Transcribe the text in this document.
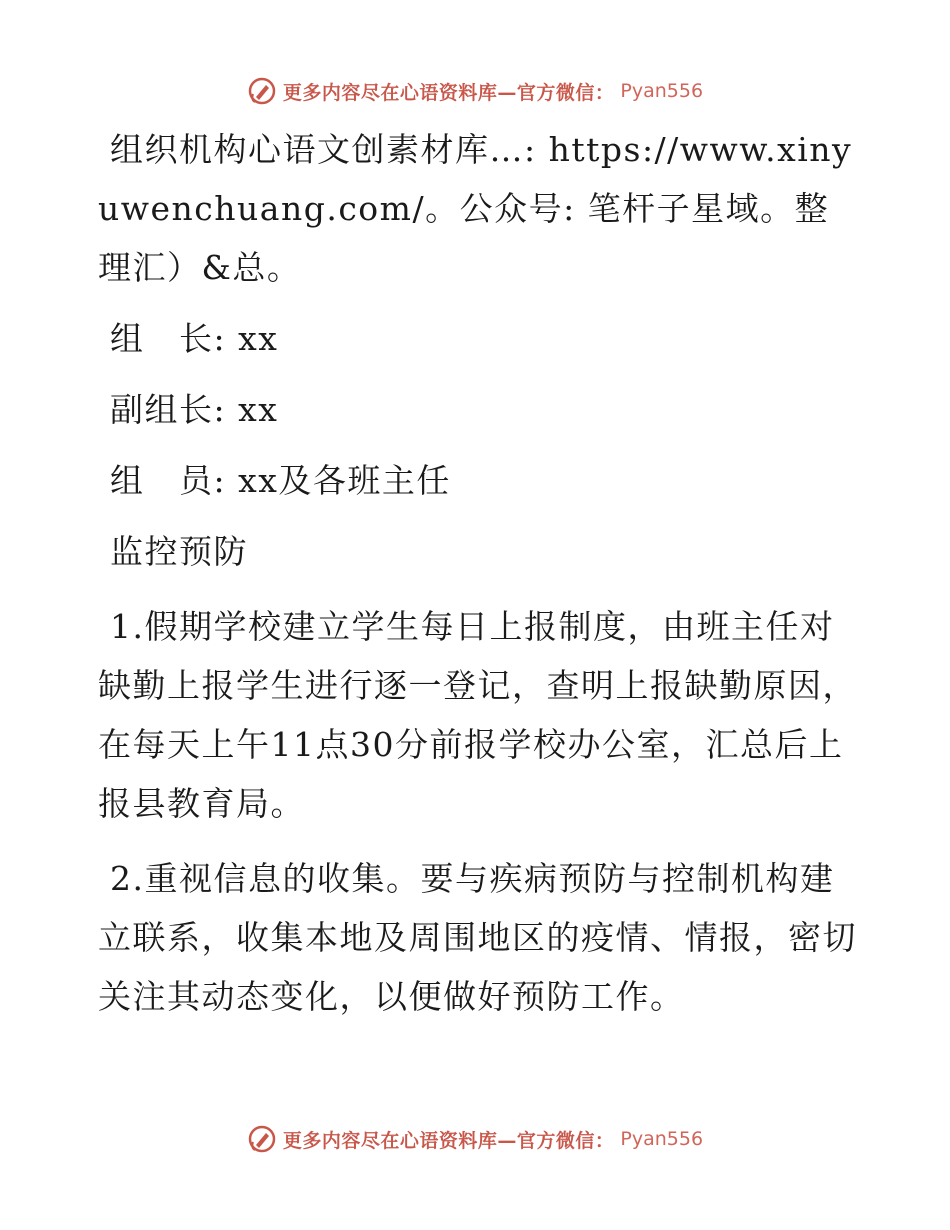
更多内容尽在心语资料库—官方微信： Pyan556

组织机构心语文创素材库…: https://www.xinyuwenchuang.com/。公众号: 笔杆子星域。整理汇）&总。

组　长: xx

副组长: xx

组　员: xx及各班主任

监控预防

1.假期学校建立学生每日上报制度，由班主任对缺勤上报学生进行逐一登记，查明上报缺勤原因，在每天上午11点30分前报学校办公室，汇总后上报县教育局。

2.重视信息的收集。要与疾病预防与控制机构建立联系，收集本地及周围地区的疫情、情报，密切关注其动态变化，以便做好预防工作。

更多内容尽在心语资料库—官方微信： Pyan556
